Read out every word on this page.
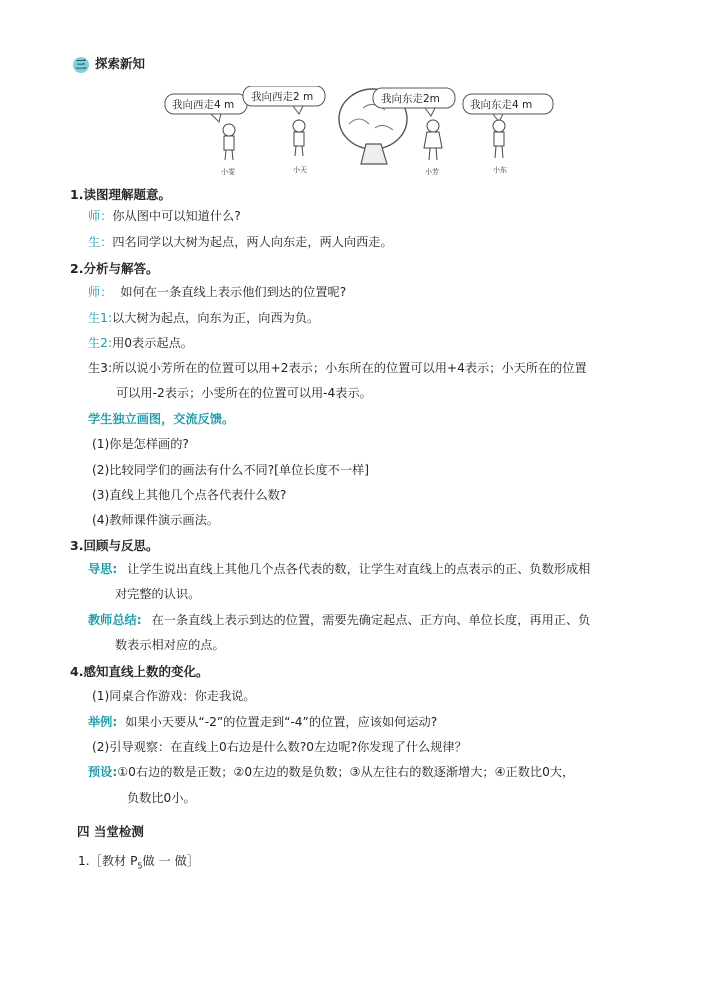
三 探索新知
我向西走4 m
我向西走2 m	我向东走2m	我向东走4 m
小雯	小天	小芳	小东
1.读图理解题意。
师：你从图中可以知道什么?
生：四名同学以大树为起点，两人向东走，两人向西走。
2.分析与解答。
师： 如何在一条直线上表示他们到达的位置呢?
生1:以大树为起点，向东为正，向西为负。
生2:用0表示起点。
生3:所以说小芳所在的位置可以用+2表示；小东所在的位置可以用+4表示；小天所在的位置
可以用-2表示；小雯所在的位置可以用-4表示。
学生独立画图，交流反馈。
(1)你是怎样画的?
(2)比较同学们的画法有什么不同?[单位长度不一样]
(3)直线上其他几个点各代表什么数?
(4)教师课件演示画法。
3.回顾与反思。
导思: 让学生说出直线上其他几个点各代表的数，让学生对直线上的点表示的正、负数形成相
对完整的认识。
教师总结: 在一条直线上表示到达的位置，需要先确定起点、正方向、单位长度，再用正、负
数表示相对应的点。
4.感知直线上数的变化。
(1)同桌合作游戏：你走我说。
举例: 如果小天要从“-2”的位置走到“-4”的位置，应该如何运动?
(2)引导观察：在直线上0右边是什么数?0左边呢?你发现了什么规律？
预设:①0右边的数是正数；②0左边的数是负数；③从左往右的数逐渐增大；④正数比0大，
负数比0小。
四 当堂检测
1.［教材 $P_5$做 一 做］
